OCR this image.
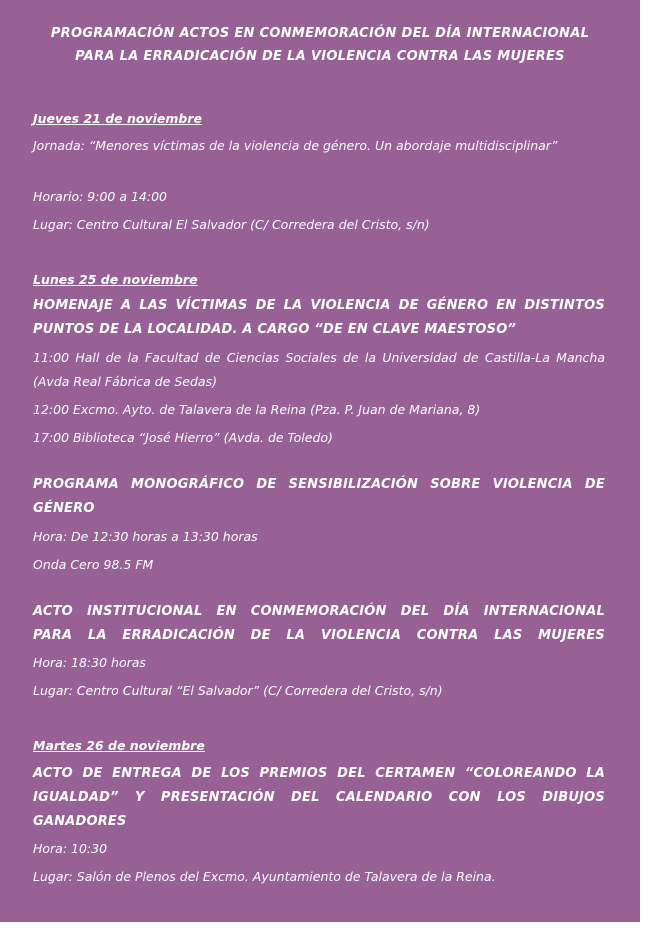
PROGRAMACIÓN ACTOS EN CONMEMORACIÓN DEL DÍA INTERNACIONAL
PARA LA ERRADICACIÓN DE LA VIOLENCIA CONTRA LAS MUJERES
Jueves 21 de noviembre
Jornada: “Menores víctimas de la violencia de género. Un abordaje multidisciplinar”
Horario: 9:00 a 14:00
Lugar: Centro Cultural El Salvador (C/ Corredera del Cristo, s/n)
Lunes 25 de noviembre
HOMENAJE A LAS VÍCTIMAS DE LA VIOLENCIA DE GÉNERO EN DISTINTOS
PUNTOS DE LA LOCALIDAD. A CARGO “DE EN CLAVE MAESTOSO”
11:00 Hall de la Facultad de Ciencias Sociales de la Universidad de Castilla-La Mancha (Avda Real Fábrica de Sedas)
12:00 Excmo. Ayto. de Talavera de la Reina (Pza. P. Juan de Mariana, 8)
17:00 Biblioteca “José Hierro” (Avda. de Toledo)
PROGRAMA MONOGRÁFICO DE SENSIBILIZACIÓN SOBRE VIOLENCIA DE
GÉNERO
Hora: De 12:30 horas a 13:30 horas
Onda Cero 98.5 FM
ACTO INSTITUCIONAL EN CONMEMORACIÓN DEL DÍA INTERNACIONAL
PARA LA ERRADICACIÓN DE LA VIOLENCIA CONTRA LAS MUJERES
Hora: 18:30 horas
Lugar: Centro Cultural “El Salvador” (C/ Corredera del Cristo, s/n)
Martes 26 de noviembre
ACTO DE ENTREGA DE LOS PREMIOS DEL CERTAMEN “COLOREANDO LA
IGUALDAD” Y PRESENTACIÓN DEL CALENDARIO CON LOS DIBUJOS
GANADORES
Hora: 10:30
Lugar: Salón de Plenos del Excmo. Ayuntamiento de Talavera de la Reina.
